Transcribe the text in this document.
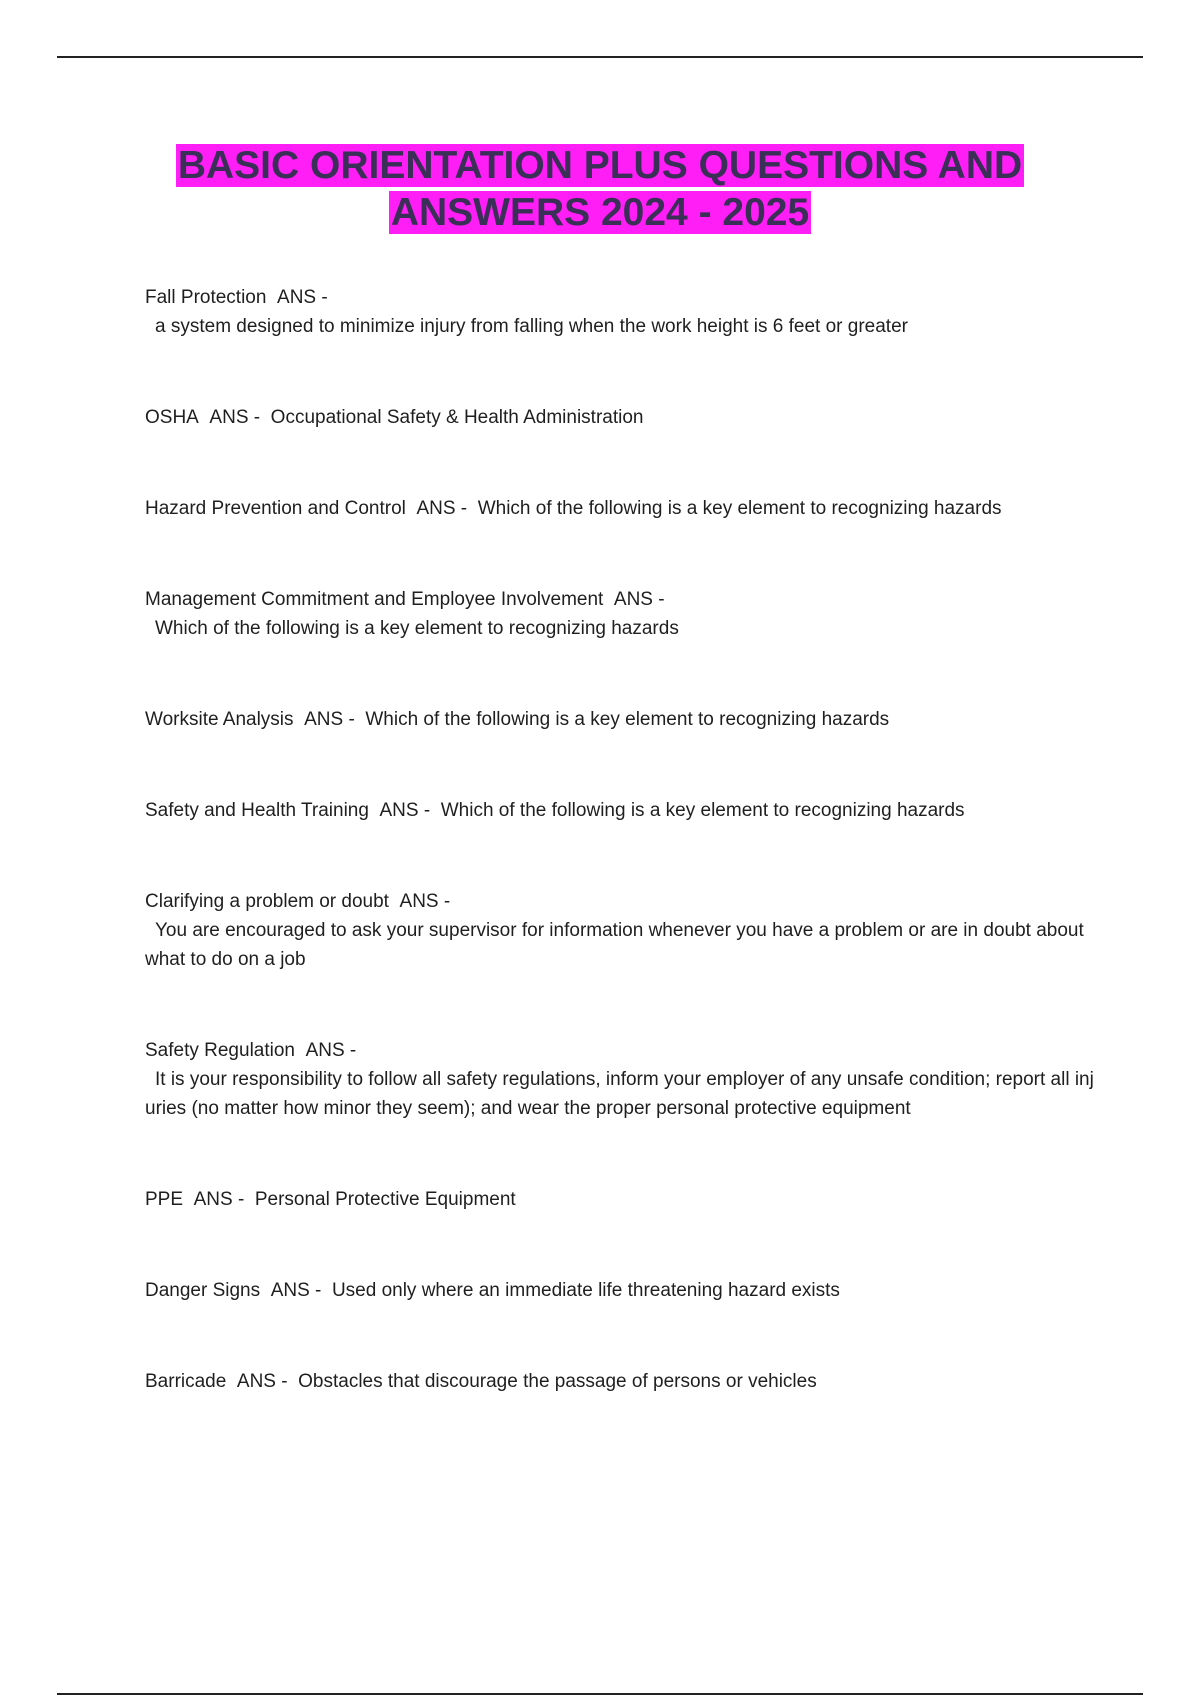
BASIC ORIENTATION PLUS QUESTIONS AND
ANSWERS 2024 - 2025
Fall Protection ANS -
a system designed to minimize injury from falling when the work height is 6 feet or greater
OSHA ANS - Occupational Safety & Health Administration
Hazard Prevention and Control ANS - Which of the following is a key element to recognizing hazards
Management Commitment and Employee Involvement ANS -
Which of the following is a key element to recognizing hazards
Worksite Analysis ANS - Which of the following is a key element to recognizing hazards
Safety and Health Training ANS - Which of the following is a key element to recognizing hazards
Clarifying a problem or doubt ANS -
You are encouraged to ask your supervisor for information whenever you have a problem or are in doubt about what to do on a job
Safety Regulation ANS -
It is your responsibility to follow all safety regulations, inform your employer of any unsafe condition; report all injuries (no matter how minor they seem); and wear the proper personal protective equipment
PPE ANS - Personal Protective Equipment
Danger Signs ANS - Used only where an immediate life threatening hazard exists
Barricade ANS - Obstacles that discourage the passage of persons or vehicles
